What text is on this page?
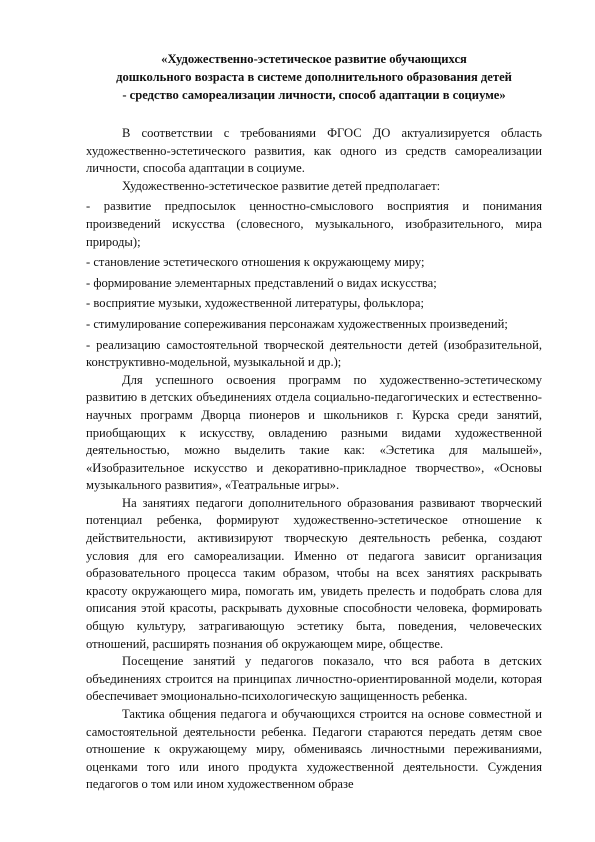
«Художественно-эстетическое развитие обучающихся
дошкольного возраста в системе дополнительного образования детей
- средство самореализации личности, способ адаптации в социуме»

В соответствии с требованиями ФГОС ДО актуализируется область художественно-эстетического развития, как одного из средств самореализации личности, способа адаптации в социуме.

Художественно-эстетическое развитие детей предполагает:

- развитие предпосылок ценностно-смыслового восприятия и понимания произведений искусства (словесного, музыкального, изобразительного, мира природы);

- становление эстетического отношения к окружающему миру;

- формирование элементарных представлений о видах искусства;

- восприятие музыки, художественной литературы, фольклора;

- стимулирование сопереживания персонажам художественных произведений;

- реализацию самостоятельной творческой деятельности детей (изобразительной, конструктивно-модельной, музыкальной и др.);

Для успешного освоения программ по художественно-эстетическому развитию в детских объединениях отдела социально-педагогических и естественно-научных программ Дворца пионеров и школьников г. Курска среди занятий, приобщающих к искусству, овладению разными видами художественной деятельностью, можно выделить такие как: «Эстетика для малышей», «Изобразительное искусство и декоративно-прикладное творчество», «Основы музыкального развития», «Театральные игры».

На занятиях педагоги дополнительного образования развивают творческий потенциал ребенка, формируют художественно-эстетическое отношение к действительности, активизируют творческую деятельность ребенка, создают условия для его самореализации. Именно от педагога зависит организация образовательного процесса таким образом, чтобы на всех занятиях раскрывать красоту окружающего мира, помогать им, увидеть прелесть и подобрать слова для описания этой красоты, раскрывать духовные способности человека, формировать общую культуру, затрагивающую эстетику быта, поведения, человеческих отношений, расширять познания об окружающем мире, обществе.

Посещение занятий у педагогов показало, что вся работа в детских объединениях строится на принципах личностно-ориентированной модели, которая обеспечивает эмоционально-психологическую защищенность ребенка.

Тактика общения педагога и обучающихся строится на основе совместной и самостоятельной деятельности ребенка. Педагоги стараются передать детям свое отношение к окружающему миру, обмениваясь личностными переживаниями, оценками того или иного продукта художественной деятельности. Суждения педагогов о том или ином художественном образе
